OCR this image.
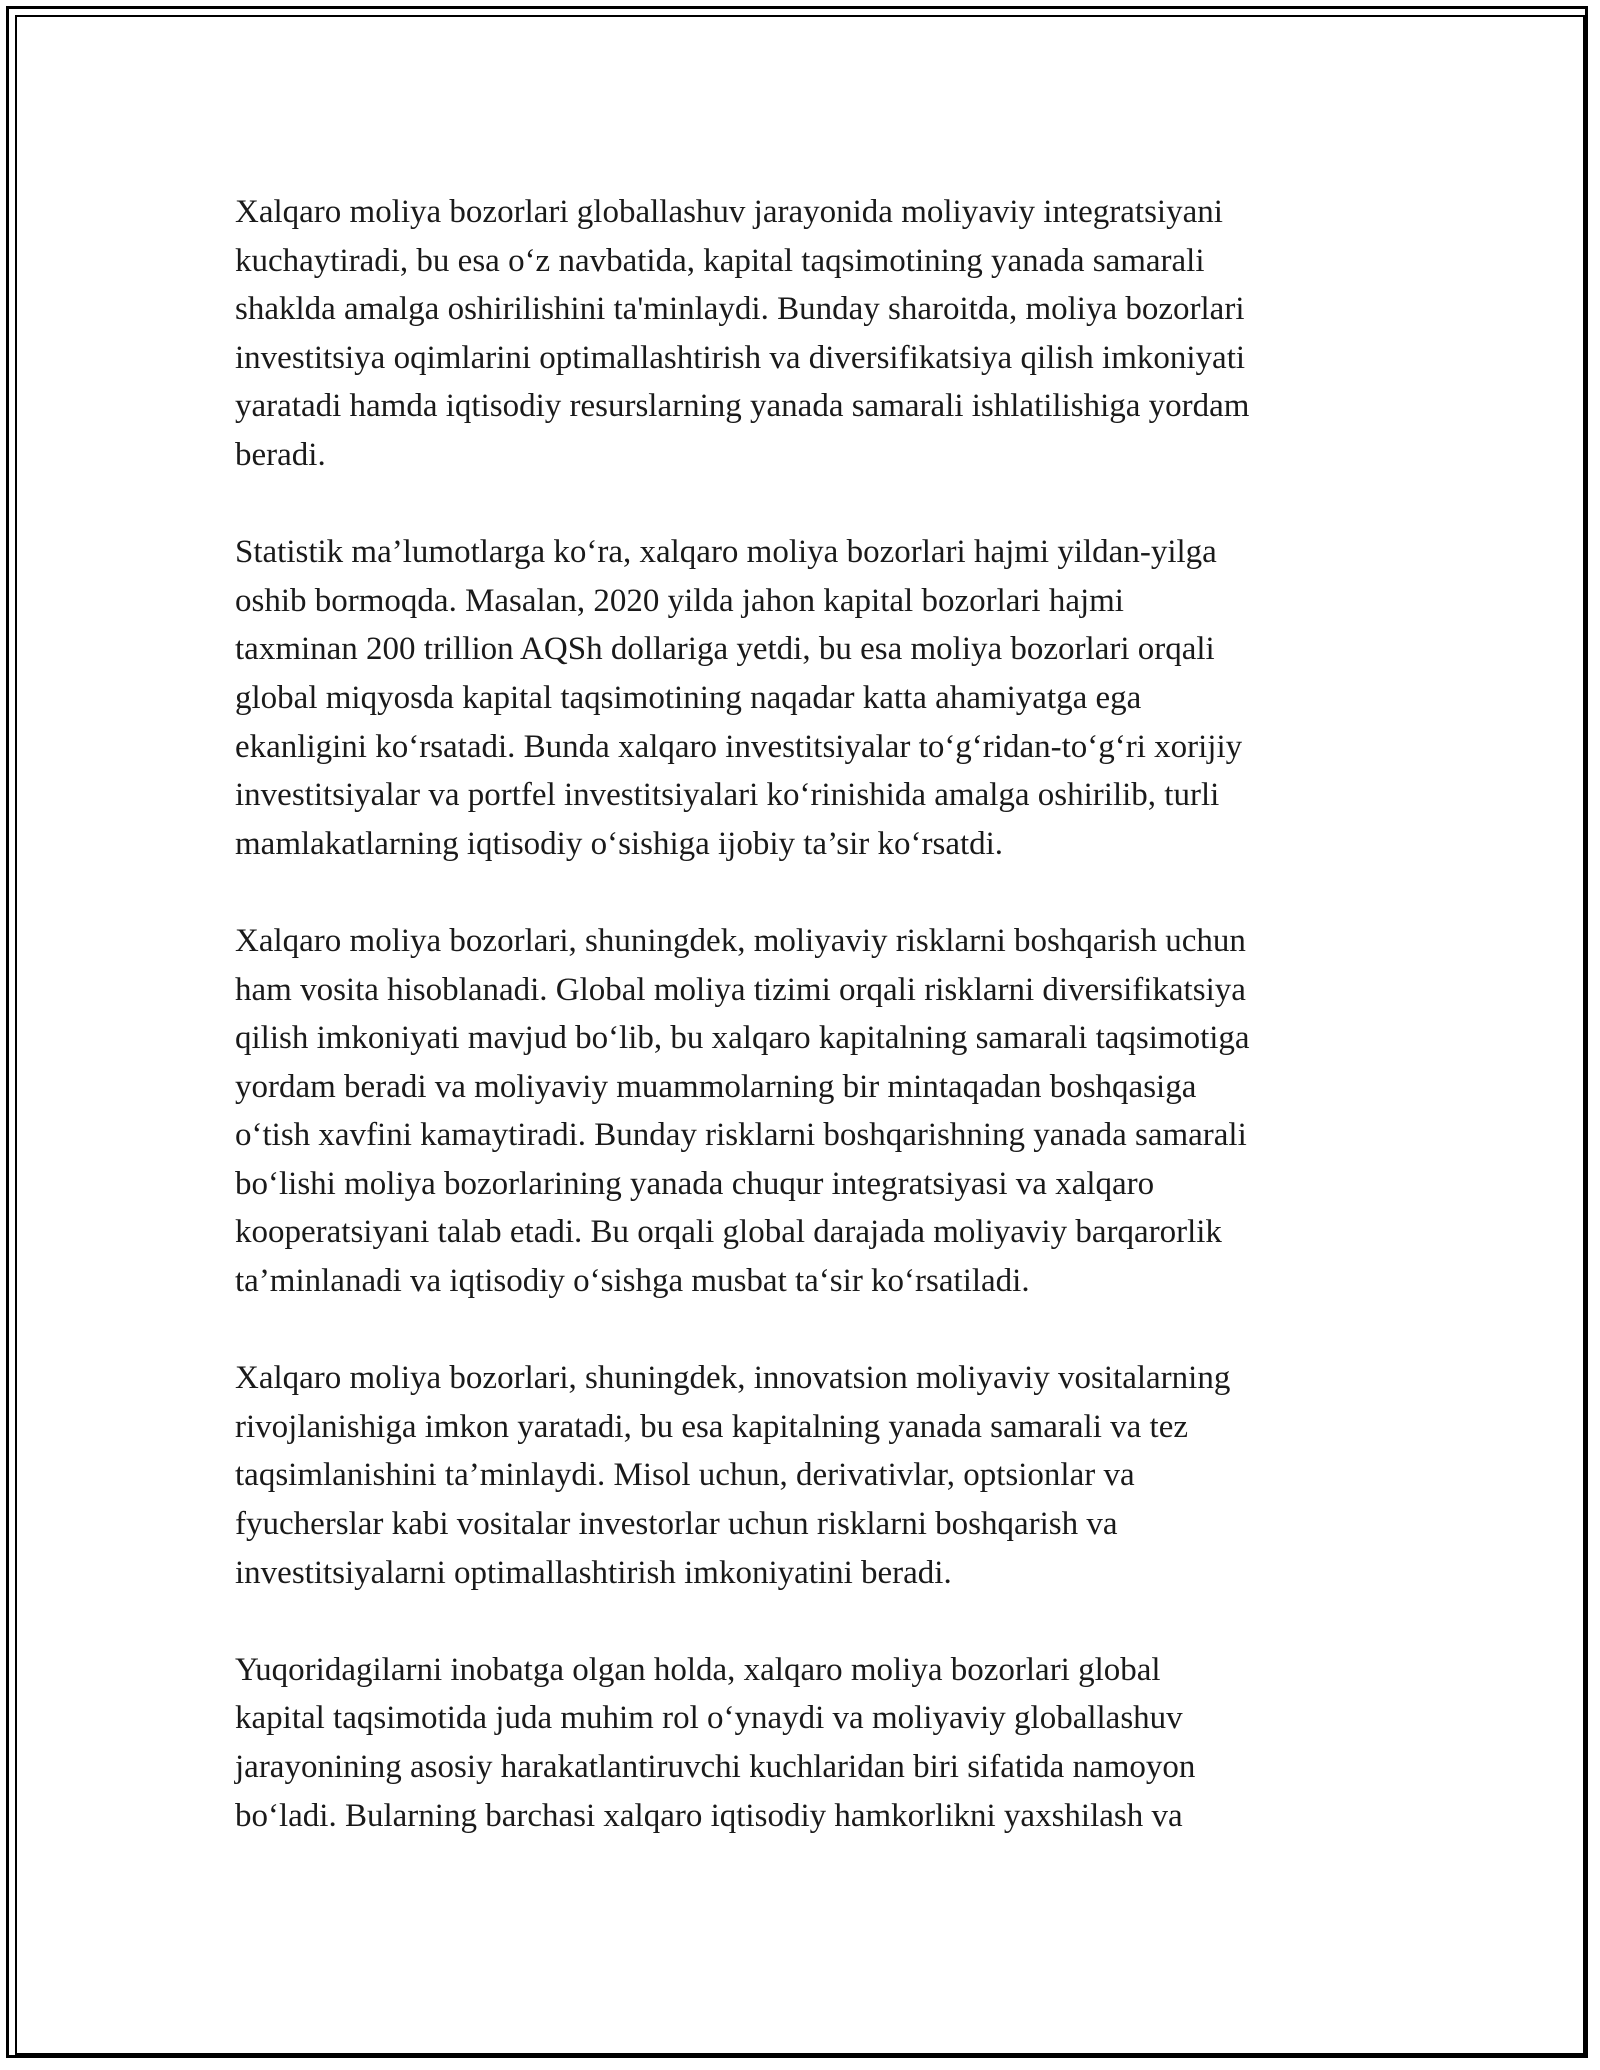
Xalqaro moliya bozorlari globallashuv jarayonida moliyaviy integratsiyani
kuchaytiradi, bu esa o‘z navbatida, kapital taqsimotining yanada samarali
shaklda amalga oshirilishini ta'minlaydi. Bunday sharoitda, moliya bozorlari
investitsiya oqimlarini optimallashtirish va diversifikatsiya qilish imkoniyati
yaratadi hamda iqtisodiy resurslarning yanada samarali ishlatilishiga yordam
beradi.

Statistik ma’lumotlarga ko‘ra, xalqaro moliya bozorlari hajmi yildan-yilga
oshib bormoqda. Masalan, 2020 yilda jahon kapital bozorlari hajmi
taxminan 200 trillion AQSh dollariga yetdi, bu esa moliya bozorlari orqali
global miqyosda kapital taqsimotining naqadar katta ahamiyatga ega
ekanligini ko‘rsatadi. Bunda xalqaro investitsiyalar to‘g‘ridan-to‘g‘ri xorijiy
investitsiyalar va portfel investitsiyalari ko‘rinishida amalga oshirilib, turli
mamlakatlarning iqtisodiy o‘sishiga ijobiy ta’sir ko‘rsatdi.

Xalqaro moliya bozorlari, shuningdek, moliyaviy risklarni boshqarish uchun
ham vosita hisoblanadi. Global moliya tizimi orqali risklarni diversifikatsiya
qilish imkoniyati mavjud bo‘lib, bu xalqaro kapitalning samarali taqsimotiga
yordam beradi va moliyaviy muammolarning bir mintaqadan boshqasiga
o‘tish xavfini kamaytiradi. Bunday risklarni boshqarishning yanada samarali
bo‘lishi moliya bozorlarining yanada chuqur integratsiyasi va xalqaro
kooperatsiyani talab etadi. Bu orqali global darajada moliyaviy barqarorlik
ta’minlanadi va iqtisodiy o‘sishga musbat ta‘sir ko‘rsatiladi.

Xalqaro moliya bozorlari, shuningdek, innovatsion moliyaviy vositalarning
rivojlanishiga imkon yaratadi, bu esa kapitalning yanada samarali va tez
taqsimlanishini ta’minlaydi. Misol uchun, derivativlar, optsionlar va
fyucherslar kabi vositalar investorlar uchun risklarni boshqarish va
investitsiyalarni optimallashtirish imkoniyatini beradi.

Yuqoridagilarni inobatga olgan holda, xalqaro moliya bozorlari global
kapital taqsimotida juda muhim rol o‘ynaydi va moliyaviy globallashuv
jarayonining asosiy harakatlantiruvchi kuchlaridan biri sifatida namoyon
bo‘ladi. Bularning barchasi xalqaro iqtisodiy hamkorlikni yaxshilash va
